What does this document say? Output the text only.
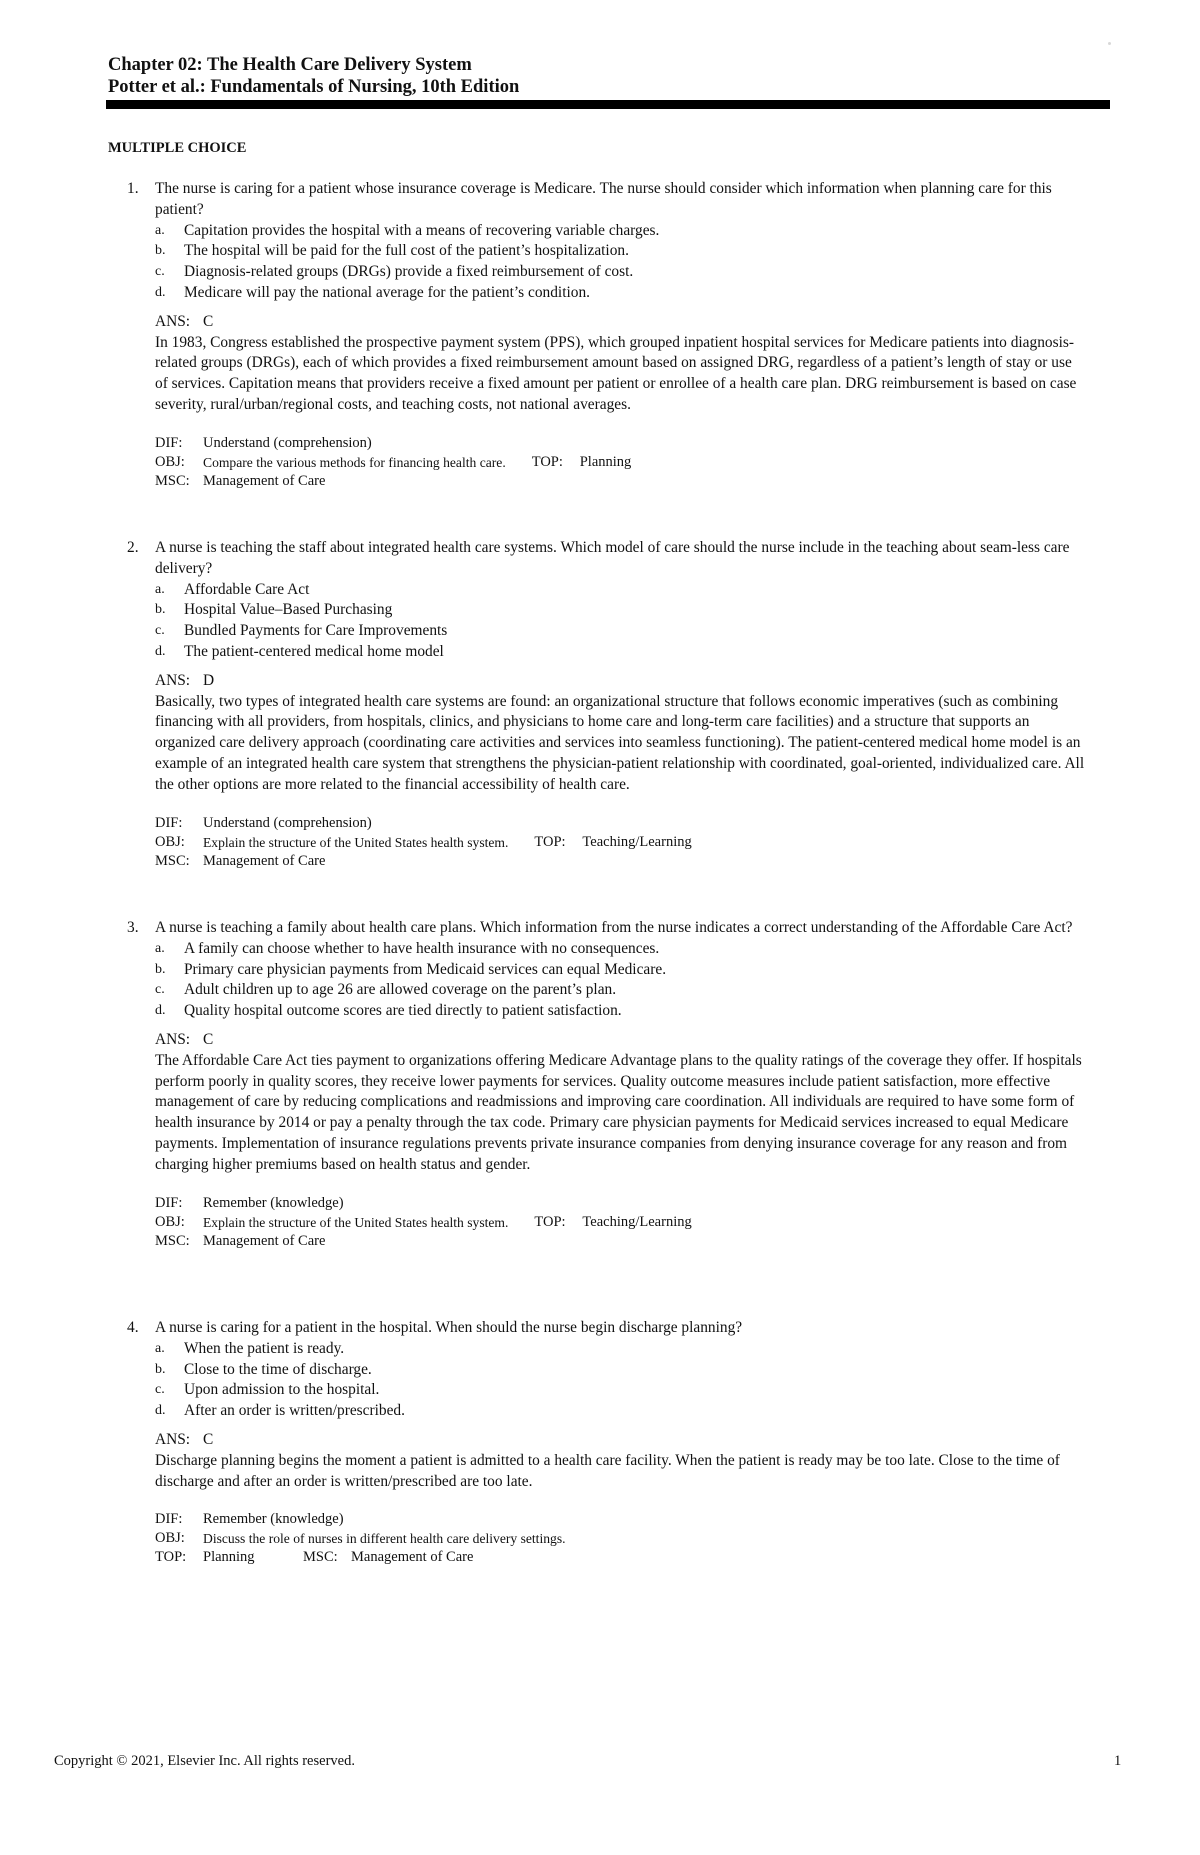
Chapter 02: The Health Care Delivery System

Potter et al.: Fundamentals of Nursing, 10th Edition

MULTIPLE CHOICE

1.	The nurse is caring for a patient whose insurance coverage is Medicare. The nurse should consider which information when planning care for this patient?
a.	Capitation provides the hospital with a means of recovering variable charges.
b.	The hospital will be paid for the full cost of the patient’s hospitalization.
c.	Diagnosis-related groups (DRGs) provide a fixed reimbursement of cost.
d.	Medicare will pay the national average for the patient’s condition.
ANS: C

In 1983, Congress established the prospective payment system (PPS), which grouped inpatient hospital services for Medicare patients into diagnosis-related groups (DRGs), each of which provides a fixed reimbursement amount based on assigned DRG, regardless of a patient’s length of stay or use of services. Capitation means that providers receive a fixed amount per patient or enrollee of a health care plan. DRG reimbursement is based on case severity, rural/urban/regional costs, and teaching costs, not national averages.

DIF:	Understand (comprehension)
OBJ:	Compare the various methods for financing health care. TOP:	Planning
MSC: Management of Care
2.	A nurse is teaching the staff about integrated health care systems. Which model of care should the nurse include in the teaching about seam-less care delivery?
a.	Affordable Care Act
b.	Hospital Value–Based Purchasing
c.	Bundled Payments for Care Improvements
d.	The patient-centered medical home model
ANS: D

Basically, two types of integrated health care systems are found: an organizational structure that follows economic imperatives (such as combining financing with all providers, from hospitals, clinics, and physicians to home care and long-term care facilities) and a structure that supports an organized care delivery approach (coordinating care activities and services into seamless functioning). The patient-centered medical home model is an example of an integrated health care system that strengthens the physician-patient relationship with coordinated, goal-oriented, individualized care. All the other options are more related to the financial accessibility of health care.

DIF:	Understand (comprehension)
OBJ:	Explain the structure of the United States health system. TOP:	Teaching/Learning
MSC: Management of Care
3.	A nurse is teaching a family about health care plans. Which information from the nurse indicates a correct understanding of the Affordable Care Act?
a.	A family can choose whether to have health insurance with no consequences.
b.	Primary care physician payments from Medicaid services can equal Medicare.
c.	Adult children up to age 26 are allowed coverage on the parent’s plan.
d.	Quality hospital outcome scores are tied directly to patient satisfaction.
ANS: C

The Affordable Care Act ties payment to organizations offering Medicare Advantage plans to the quality ratings of the coverage they offer. If hospitals perform poorly in quality scores, they receive lower payments for services. Quality outcome measures include patient satisfaction, more effective management of care by reducing complications and readmissions and improving care coordination. All individuals are required to have some form of health insurance by 2014 or pay a penalty through the tax code. Primary care physician payments for Medicaid services increased to equal Medicare payments. Implementation of insurance regulations prevents private insurance companies from denying insurance coverage for any reason and from charging higher premiums based on health status and gender.

DIF:	Remember (knowledge)
OBJ:	Explain the structure of the United States health system. TOP:	Teaching/Learning
MSC: Management of Care
4.	A nurse is caring for a patient in the hospital. When should the nurse begin discharge planning?
a.	When the patient is ready.
b.	Close to the time of discharge.
c.	Upon admission to the hospital.
d.	After an order is written/prescribed.
ANS: C

Discharge planning begins the moment a patient is admitted to a health care facility. When the patient is ready may be too late. Close to the time of discharge and after an order is written/prescribed are too late.

DIF:	Remember (knowledge)
OBJ:	Discuss the role of nurses in different health care delivery settings.
TOP:	Planning	MSC: Management of Care
Copyright © 2021, Elsevier Inc. All rights reserved.	1
